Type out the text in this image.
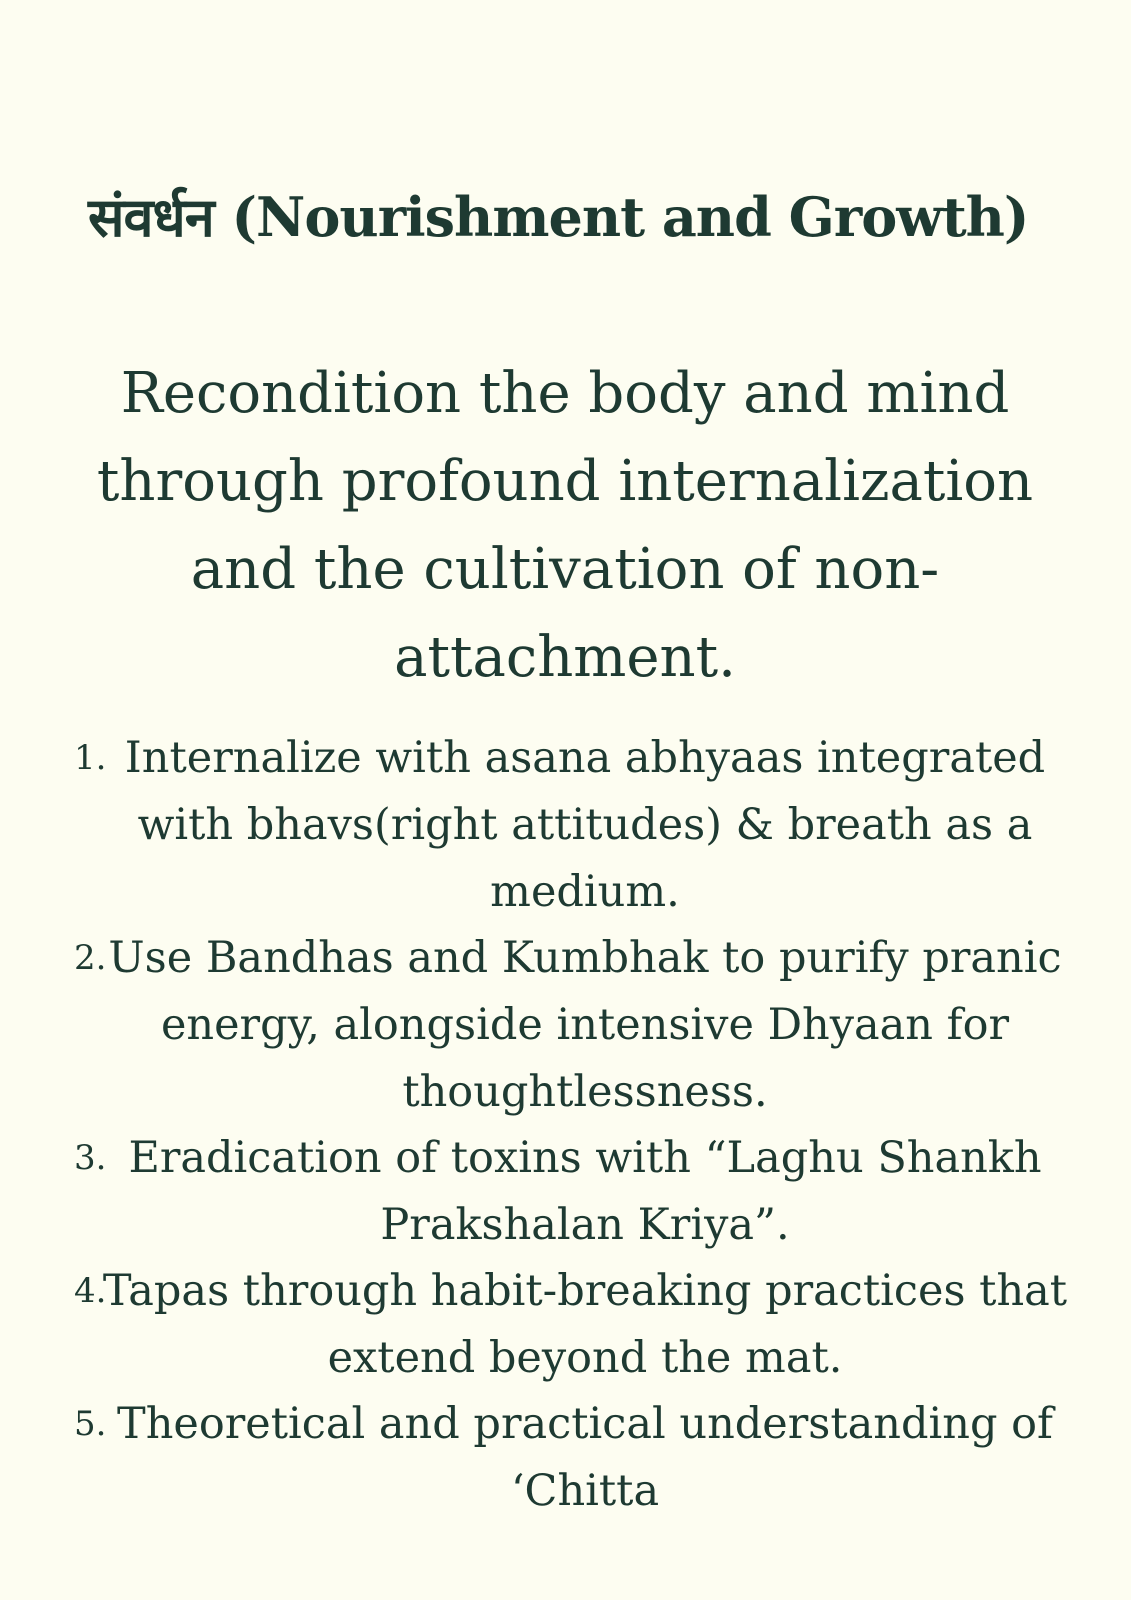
संवर्धन (Nourishment and Growth)
Recondition the body and mind
through profound internalization
and the cultivation of non-
attachment.
1. Internalize with asana abhyaas integrated
with bhavs(right attitudes) & breath as a
medium.
2. Use Bandhas and Kumbhak to purify pranic
energy, alongside intensive Dhyaan for
thoughtlessness.
3. Eradication of toxins with “Laghu Shankh
Prakshalan Kriya”.
4.
Tapas through habit-breaking practices that
extend beyond the mat.
5. Theoretical and practical understanding of
‘Chitta
